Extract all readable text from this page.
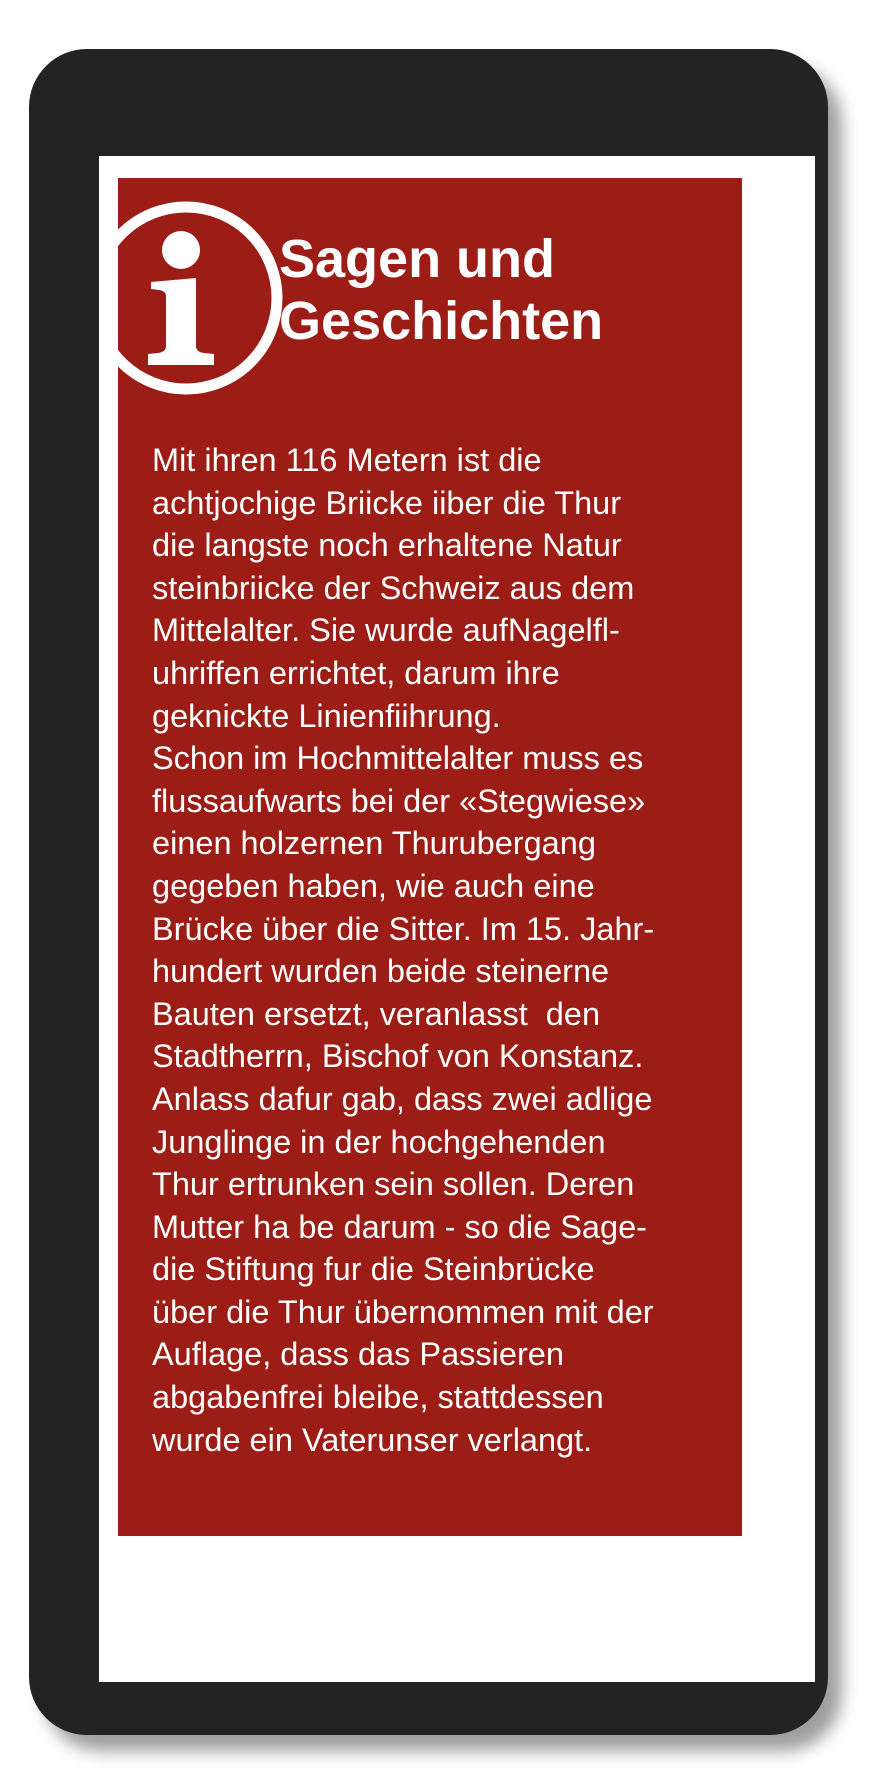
Sagen und
Geschichten

Mit ihren 116 Metern ist die
achtjochige Briicke iiber die Thur
die langste noch erhaltene Natur
steinbriicke der Schweiz aus dem
Mittelalter. Sie wurde aufNagelfl-
uhriffen errichtet, darum ihre
geknickte Linienfiihrung.
Schon im Hochmittelalter muss es
flussaufwarts bei der «Stegwiese»
einen holzernen Thurubergang
gegeben haben, wie auch eine
Brücke über die Sitter. Im 15. Jahr-
hundert wurden beide steinerne
Bauten ersetzt, veranlasst  den
Stadtherrn, Bischof von Konstanz.
Anlass dafur gab, dass zwei adlige
Junglinge in der hochgehenden
Thur ertrunken sein sollen. Deren
Mutter ha be darum - so die Sage-
die Stiftung fur die Steinbrücke
über die Thur übernommen mit der
Auflage, dass das Passieren
abgabenfrei bleibe, stattdessen
wurde ein Vaterunser verlangt.
